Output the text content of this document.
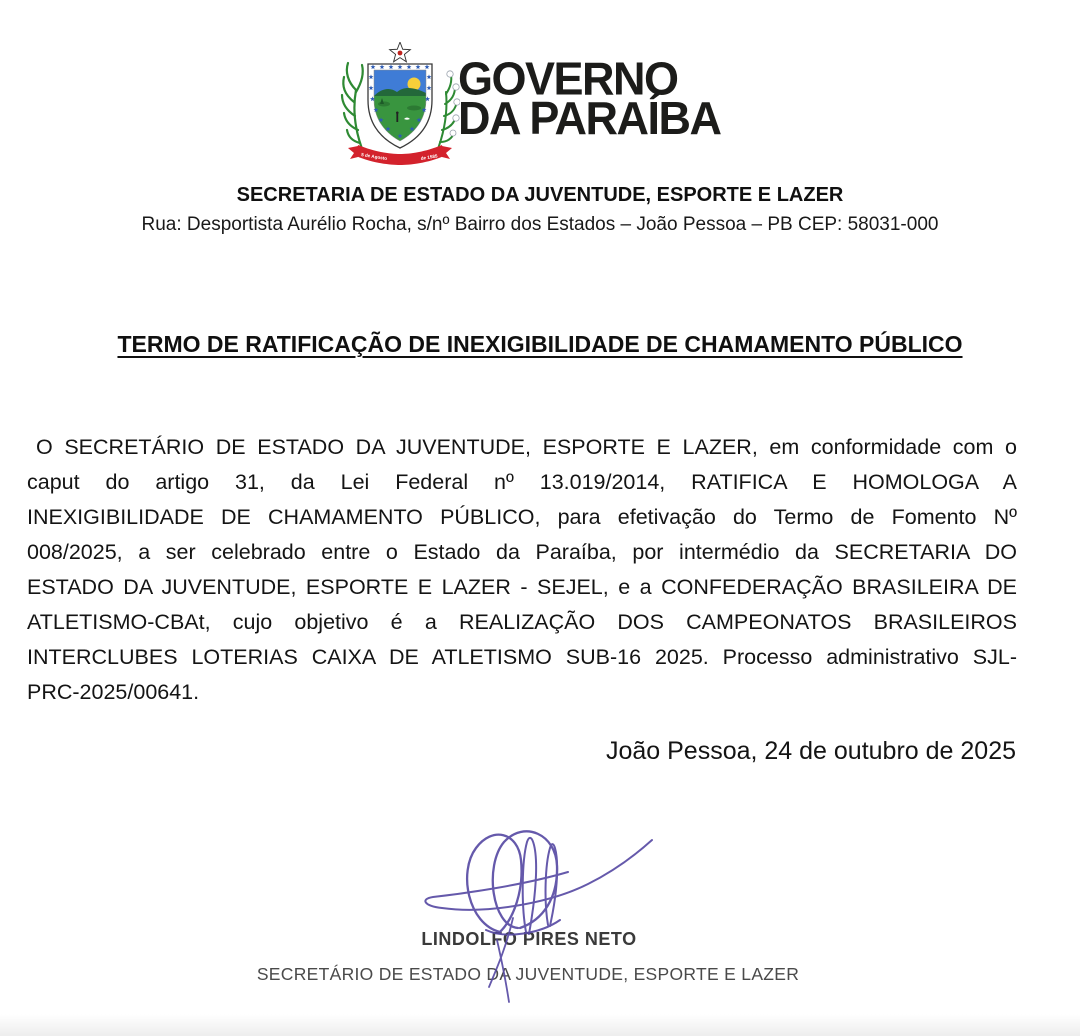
5 de Agosto	de 1585
GOVERNO
DA PARAÍBA
SECRETARIA DE ESTADO DA JUVENTUDE, ESPORTE E LAZER
Rua: Desportista Aurélio Rocha, s/nº Bairro dos Estados – João Pessoa – PB CEP: 58031-000
TERMO DE RATIFICAÇÃO DE INEXIGIBILIDADE DE CHAMAMENTO PÚBLICO
O SECRETÁRIO DE ESTADO DA JUVENTUDE, ESPORTE E LAZER, em conformidade com o
caput do artigo 31, da Lei Federal nº 13.019/2014, RATIFICA E HOMOLOGA A
INEXIGIBILIDADE DE CHAMAMENTO PÚBLICO, para efetivação do Termo de Fomento Nº
008/2025, a ser celebrado entre o Estado da Paraíba, por intermédio da SECRETARIA DO
ESTADO DA JUVENTUDE, ESPORTE E LAZER - SEJEL, e a CONFEDERAÇÃO BRASILEIRA DE
ATLETISMO-CBAt, cujo objetivo é a REALIZAÇÃO DOS CAMPEONATOS BRASILEIROS
INTERCLUBES LOTERIAS CAIXA DE ATLETISMO SUB-16 2025. Processo administrativo SJL-
PRC-2025/00641.
João Pessoa, 24 de outubro de 2025
LINDOLFO PIRES NETO
SECRETÁRIO DE ESTADO DA JUVENTUDE, ESPORTE E LAZER
